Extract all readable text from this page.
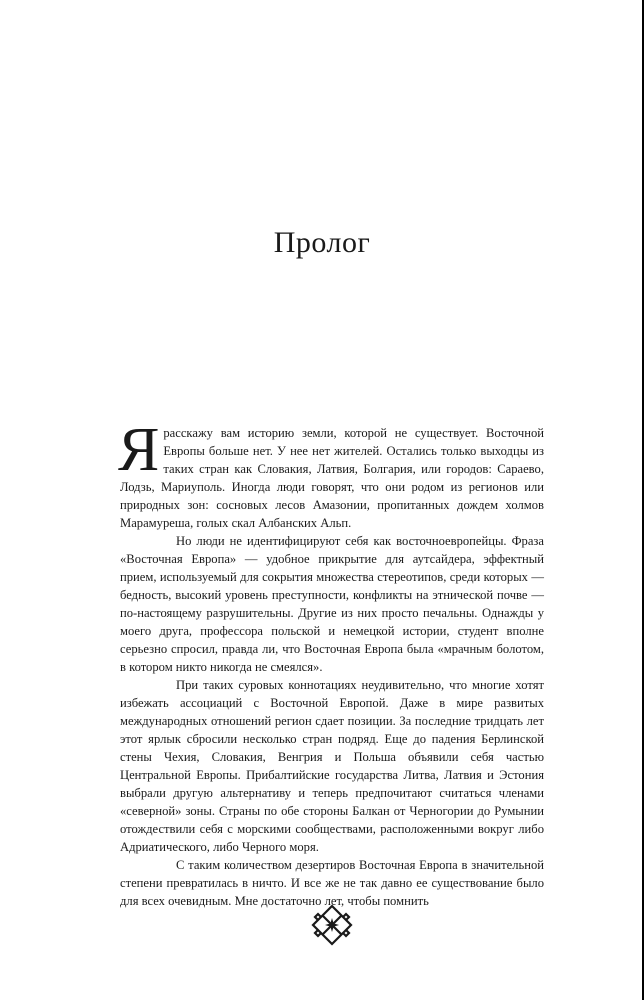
Пролог

Ярасскажу вам историю земли, которой не существует. Восточной Европы больше нет. У нее нет жителей. Остались только выходцы из таких стран как Словакия, Латвия, Болгария, или городов: Сараево, Лодзь, Мариуполь. Иногда люди говорят, что они родом из регионов или природных зон: сосновых лесов Амазонии, пропитанных дождем холмов Марамуреша, голых скал Албанских Альп.

Но люди не идентифицируют себя как восточноевропейцы. Фраза «Восточная Европа» — удобное прикрытие для аутсайдера, эффектный прием, используемый для сокрытия множества стереотипов, среди которых — бедность, высокий уровень преступности, конфликты на этнической почве — по-настоящему разрушительны. Другие из них просто печальны. Однажды у моего друга, профессора польской и немецкой истории, студент вполне серьезно спросил, правда ли, что Восточная Европа была «мрачным болотом, в котором никто никогда не смеялся».

При таких суровых коннотациях неудивительно, что многие хотят избежать ассоциаций с Восточной Европой. Даже в мире развитых международных отношений регион сдает позиции. За последние тридцать лет этот ярлык сбросили несколько стран подряд. Еще до падения Берлинской стены Чехия, Словакия, Венгрия и Польша объявили себя частью Центральной Европы. Прибалтийские государства Литва, Латвия и Эстония выбрали другую альтернативу и теперь предпочитают считаться членами «северной» зоны. Страны по обе стороны Балкан от Черногории до Румынии отождествили себя с морскими сообществами, расположенными вокруг либо Адриатического, либо Черного моря.

С таким количеством дезертиров Восточная Европа в значительной степени превратилась в ничто. И все же не так давно ее существование было для всех очевидным. Мне достаточно лет, чтобы помнить
